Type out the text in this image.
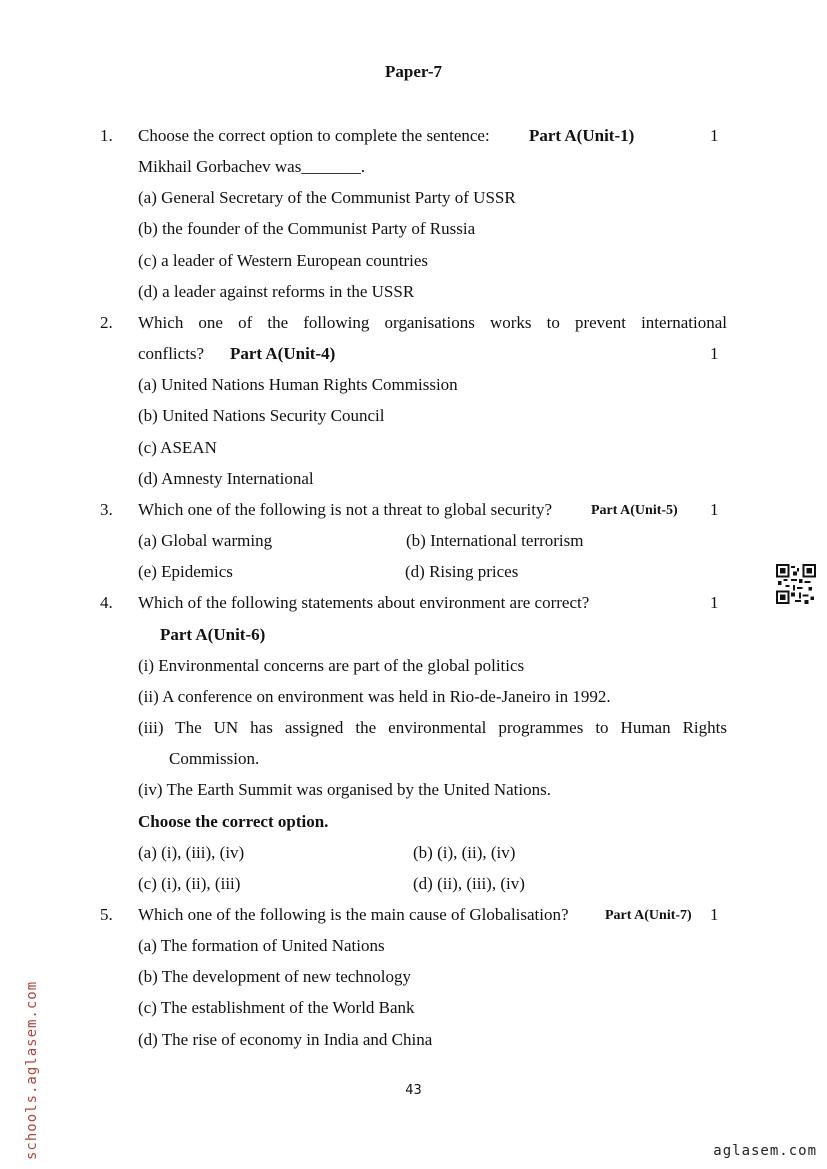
Paper-7
1. Choose the correct option to complete the sentence: Part A(Unit-1)	1
Mikhail Gorbachev was_______.
(a) General Secretary of the Communist Party of USSR
(b) the founder of the Communist Party of Russia
(c) a leader of Western European countries
(d) a leader against reforms in the USSR
2. Which one of the following organisations works to prevent international
conflicts? Part A(Unit-4)	1
(a) United Nations Human Rights Commission
(b) United Nations Security Council
(c) ASEAN
(d) Amnesty International
3. Which one of the following is not a threat to global security?	Part A(Unit-5) 1
(a) Global warming	(b) International terrorism
(e) Epidemics	(d) Rising prices
4. Which of the following statements about environment are correct?	1
Part A(Unit-6)
(i) Environmental concerns are part of the global politics
(ii) A conference on environment was held in Rio-de-Janeiro in 1992.
(iii) The UN has assigned the environmental programmes to Human Rights
Commission.
(iv) The Earth Summit was organised by the United Nations.
Choose the correct option.
(a) (i), (iii), (iv)	(b) (i), (ii), (iv)
(c) (i), (ii), (iii)	(d) (ii), (iii), (iv)
5. Which one of the following is the main cause of Globalisation?	Part A(Unit-7) 1
(a) The formation of United Nations
(b) The development of new technology
(c) The establishment of the World Bank
(d) The rise of economy in India and China
43
schools.aglasem.com	aglasem.com
